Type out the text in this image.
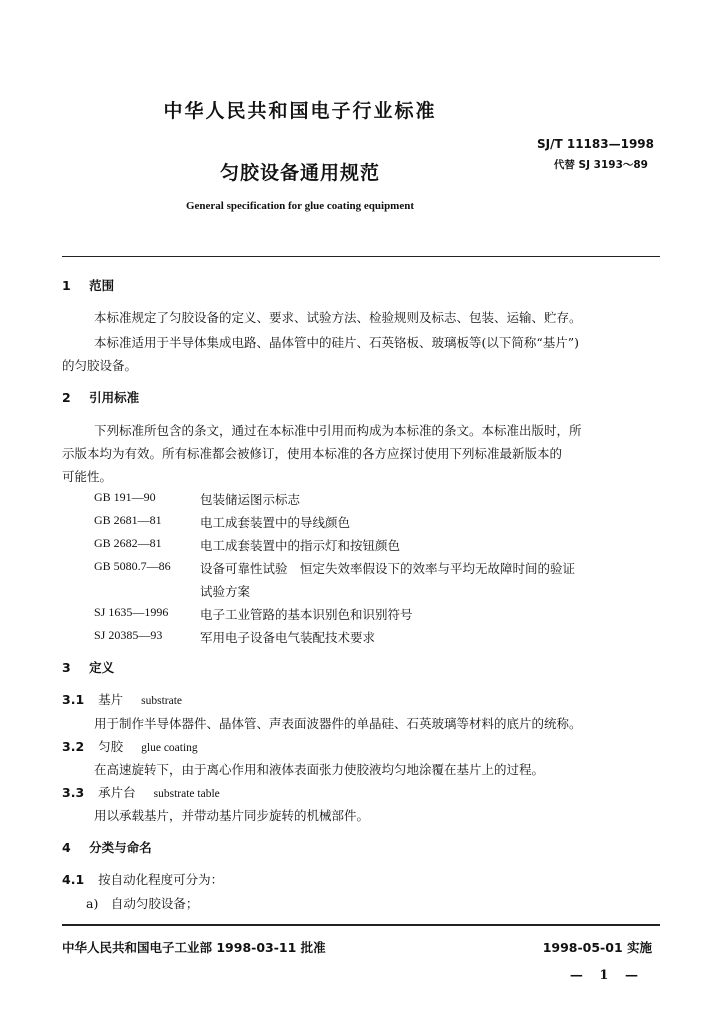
中华人民共和国电子行业标准
SJ/T 11183—1998
代替 SJ 3193～89
匀胶设备通用规范
General specification for glue coating equipment
1 范围
本标准规定了匀胶设备的定义、要求、试验方法、检验规则及标志、包装、运输、贮存。
本标准适用于半导体集成电路、晶体管中的硅片、石英铬板、玻璃板等(以下简称“基片”)
的匀胶设备。
2 引用标准
下列标准所包含的条文，通过在本标准中引用而构成为本标准的条文。本标准出版时，所
示版本均为有效。所有标准都会被修订，使用本标准的各方应探讨使用下列标准最新版本的
可能性。
GB 191—90	包装储运图示标志
GB 2681—81	电工成套装置中的导线颜色
GB 2682—81	电工成套装置中的指示灯和按钮颜色
GB 5080.7—86 设备可靠性试验　恒定失效率假设下的效率与平均无故障时间的验证
试验方案
SJ 1635—1996	电子工业管路的基本识别色和识别符号
SJ 20385—93	军用电子设备电气装配技术要求
3 定义
3.1 基片 substrate
用于制作半导体器件、晶体管、声表面波器件的单晶硅、石英玻璃等材料的底片的统称。
3.2 匀胶 glue coating
在高速旋转下，由于离心作用和液体表面张力使胶液均匀地涂覆在基片上的过程。
3.3 承片台 substrate table
用以承载基片，并带动基片同步旋转的机械部件。
4 分类与命名
4.1 按自动化程度可分为：
a)　自动匀胶设备；
中华人民共和国电子工业部 1998-03-11 批准	1998-05-01 实施
— 1 —
